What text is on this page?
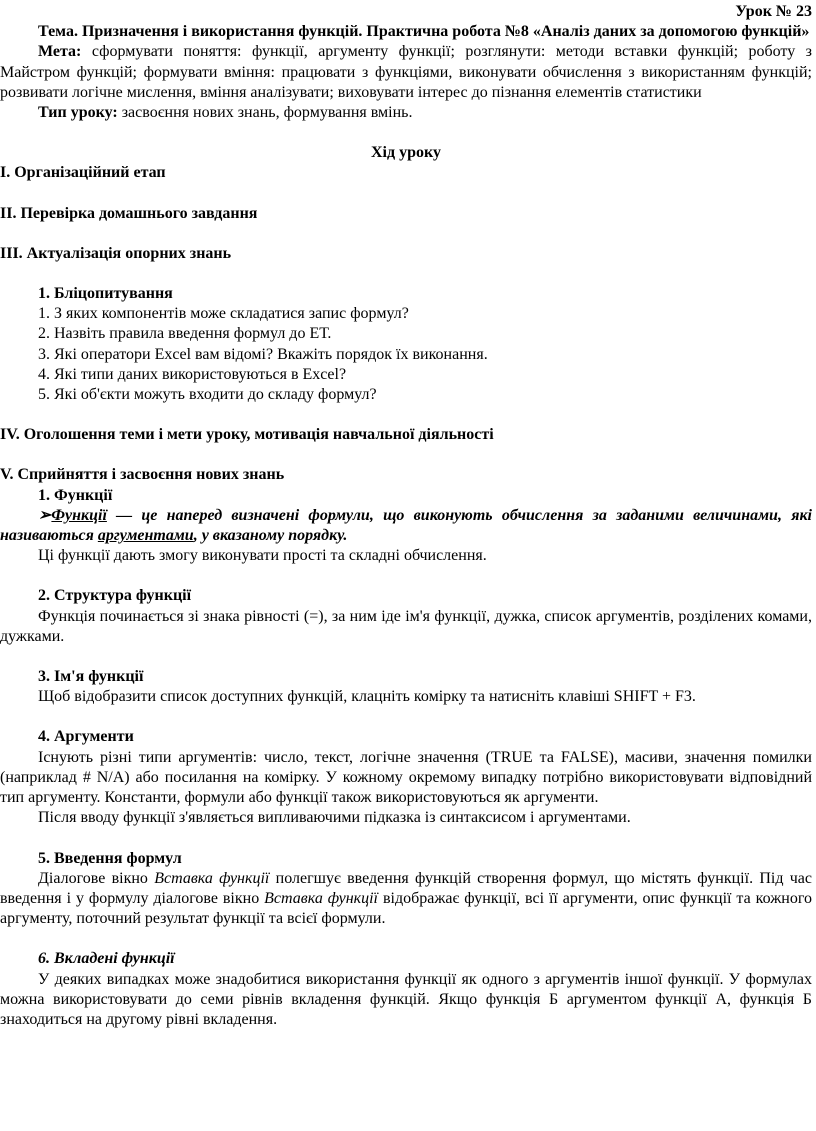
Урок № 23

Тема. Призначення і використання функцій. Практична робота №8 «Аналіз даних за допомогою функцій»

Мета: сформувати поняття: функції, аргументу функції; розглянути: методи вставки функцій; роботу з Майстром функцій; формувати вміння: працювати з функціями, виконувати обчислення з використанням функцій; розвивати логічне мислення, вміння аналізувати; виховувати інтерес до пізнання елементів статистики

Тип уроку: засвоєння нових знань, формування вмінь.

Хід уроку

І. Організаційний етап

ІІ. Перевірка домашнього завдання

ІІІ. Актуалізація опорних знань

1. Бліцопитування

1. З яких компонентів може складатися запис формул?

2. Назвіть правила введення формул до ЕТ.

3. Які оператори Excel вам відомі? Вкажіть порядок їх виконання.

4. Які типи даних використовуються в Excel?

5. Які об'єкти можуть входити до складу формул?

ІV. Оголошення теми і мети уроку, мотивація навчальної діяльності

V. Сприйняття і засвоєння нових знань

1. Функції

➢Функції — це наперед визначені формули, що виконують обчислення за заданими величинами, які називаються аргументами, у вказаному порядку.

Ці функції дають змогу виконувати прості та складні обчислення.

2. Структура функції

Функція починається зі знака рівності (=), за ним іде ім'я функції, дужка, список аргументів, розділених комами, дужками.

3. Ім'я функції

Щоб відобразити список доступних функцій, клацніть комірку та натисніть клавіші SHIFT + F3.

4. Аргументи

Існують різні типи аргументів: число, текст, логічне значення (TRUE та FALSE), масиви, значення помилки (наприклад # N/A) або посилання на комірку. У кожному окремому випадку потрібно використовувати відповідний тип аргументу. Константи, формули або функції також використовуються як аргументи.

Після вводу функції з'являється випливаючими підказка із синтаксисом і аргументами.

5. Введення формул

Діалогове вікно Вставка функції полегшує введення функцій створення формул, що містять функції. Під час введення і у формулу діалогове вікно Вставка функції відображає функції, всі її аргументи, опис функції та кожного аргументу, поточний результат функції та всієї формули.

6. Вкладені функції

У деяких випадках може знадобитися використання функції як одного з аргументів іншої функції. У формулах можна використовувати до семи рівнів вкладення функцій. Якщо функція Б аргументом функції А, функція Б знаходиться на другому рівні вкладення.
